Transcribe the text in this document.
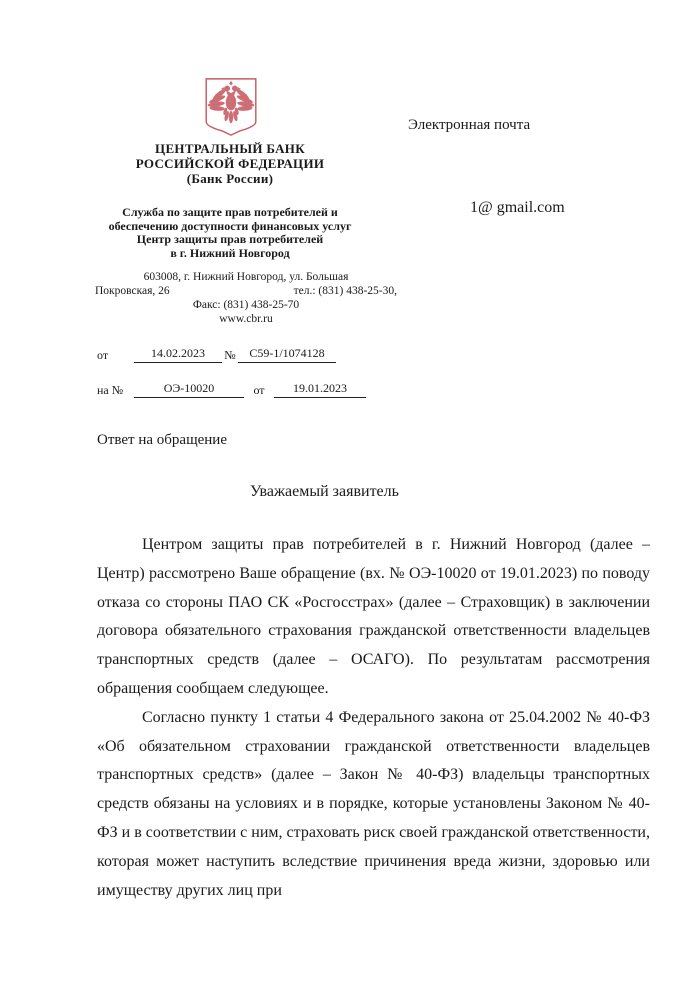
ЦЕНТРАЛЬНЫЙ БАНК
РОССИЙСКОЙ ФЕДЕРАЦИИ
(Банк России)
Служба по защите прав потребителей и
обеспечению доступности финансовых услуг
Центр защиты прав потребителей
в г. Нижний Новгород
603008, г. Нижний Новгород, ул. Большая
Покровская, 26	тел.: (831) 438-25-30,
Факс: (831) 438-25-70
www.cbr.ru
от	14.02.2023	№	С59-1/1074128
на №	ОЭ-10020	от	19.01.2023
Электронная почта
1@ gmail.com
Ответ на обращение
Уважаемый заявитель

Центром защиты прав потребителей в г. Нижний Новгород (далее – Центр) рассмотрено Ваше обращение (вх. № ОЭ-10020 от 19.01.2023) по поводу отказа со стороны ПАО СК «Росгосстрах» (далее – Страховщик) в заключении договора обязательного страхования гражданской ответственности владельцев транспортных средств (далее – ОСАГО). По результатам рассмотрения обращения сообщаем следующее.

Согласно пункту 1 статьи 4 Федерального закона от 25.04.2002 № 40-ФЗ «Об обязательном страховании гражданской ответственности владельцев транспортных средств» (далее – Закон № 40-ФЗ) владельцы транспортных средств обязаны на условиях и в порядке, которые установлены Законом № 40-ФЗ и в соответствии с ним, страховать риск своей гражданской ответственности, которая может наступить вследствие причинения вреда жизни, здоровью или имуществу других лиц при
